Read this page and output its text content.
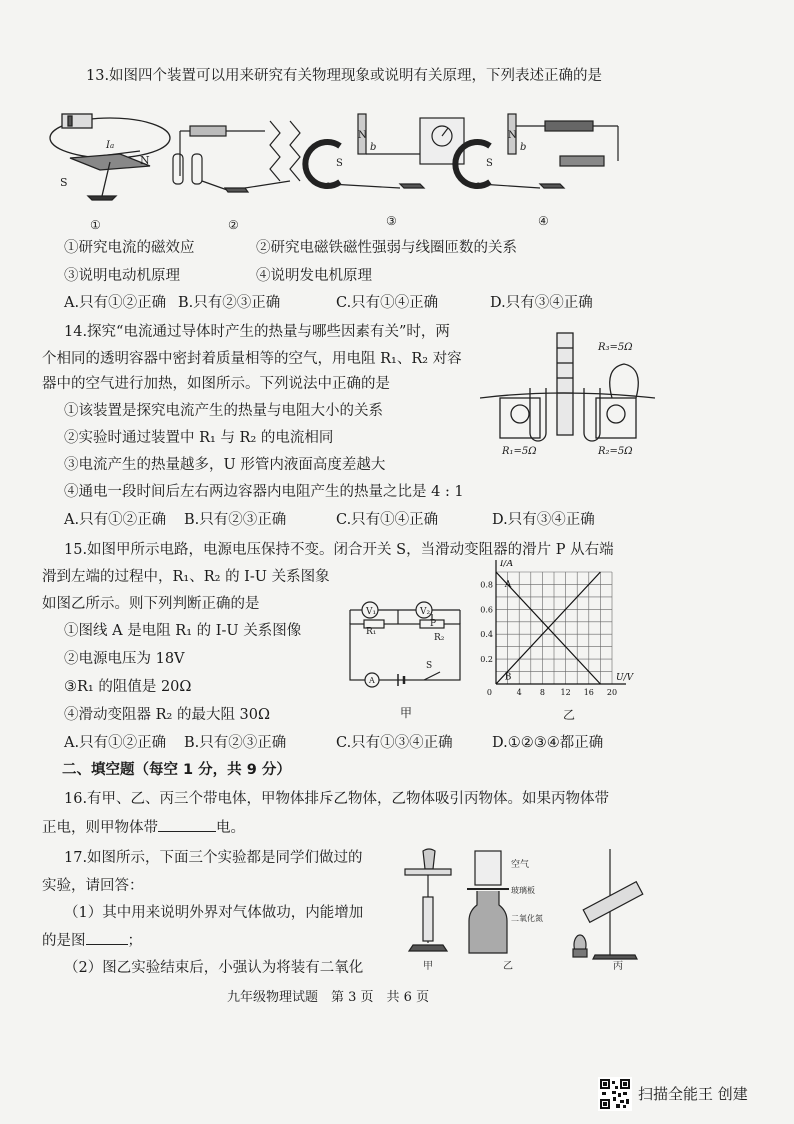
13.如图四个装置可以用来研究有关物理现象或说明有关原理，下列表述正确的是
Ia
S
N
N
b
S
a
N
b
S
a
①	②	③	④
①研究电流的磁效应	②研究电磁铁磁性强弱与线圈匝数的关系
③说明电动机原理	④说明发电机原理
A.只有①②正确 B.只有②③正确	C.只有①④正确	D.只有③④正确
14.探究“电流通过导体时产生的热量与哪些因素有关”时，两
个相同的透明容器中密封着质量相等的空气，用电阻 R₁、R₂ 对容
器中的空气进行加热，如图所示。下列说法中正确的是
①该装置是探究电流产生的热量与电阻大小的关系
②实验时通过装置中 R₁ 与 R₂ 的电流相同
③电流产生的热量越多，U 形管内液面高度差越大
④通电一段时间后左右两边容器内电阻产生的热量之比是 4 : 1
R₃=5Ω
R₁=5Ω	R₂=5Ω
A.只有①②正确 B.只有②③正确	C.只有①④正确	D.只有③④正确
15.如图甲所示电路，电源电压保持不变。闭合开关 S，当滑动变阻器的滑片 P 从右端
滑到左端的过程中，R₁、R₂ 的 I-U 关系图象
如图乙所示。则下列判断正确的是
①图线 A 是电阻 R₁ 的 I-U 关系图像
②电源电压为 18V
③R₁ 的阻值是 20Ω
④滑动变阻器 R₂ 的最大阻 30Ω
V₁	V₂
R₁
P
R₂
A
S
甲
4 8 12 16 20
0.2
0.4
0.6
0.8
0
I/A
U/V
A
B
乙
A.只有①②正确 B.只有②③正确	C.只有①③④正确	D.①②③④都正确
二、填空题（每空 1 分，共 9 分）
16.有甲、乙、丙三个带电体，甲物体排斥乙物体，乙物体吸引丙物体。如果丙物体带
正电，则甲物体带	电。
17.如图所示，下面三个实验都是同学们做过的
实验，请回答：
（1）其中用来说明外界对气体做功，内能增加
的是图	；
（2）图乙实验结束后，小强认为将装有二氧化
空气
玻璃板
二氧化氮
甲	乙	丙
九年级物理试题　第 3 页　共 6 页
扫描全能王 创建
